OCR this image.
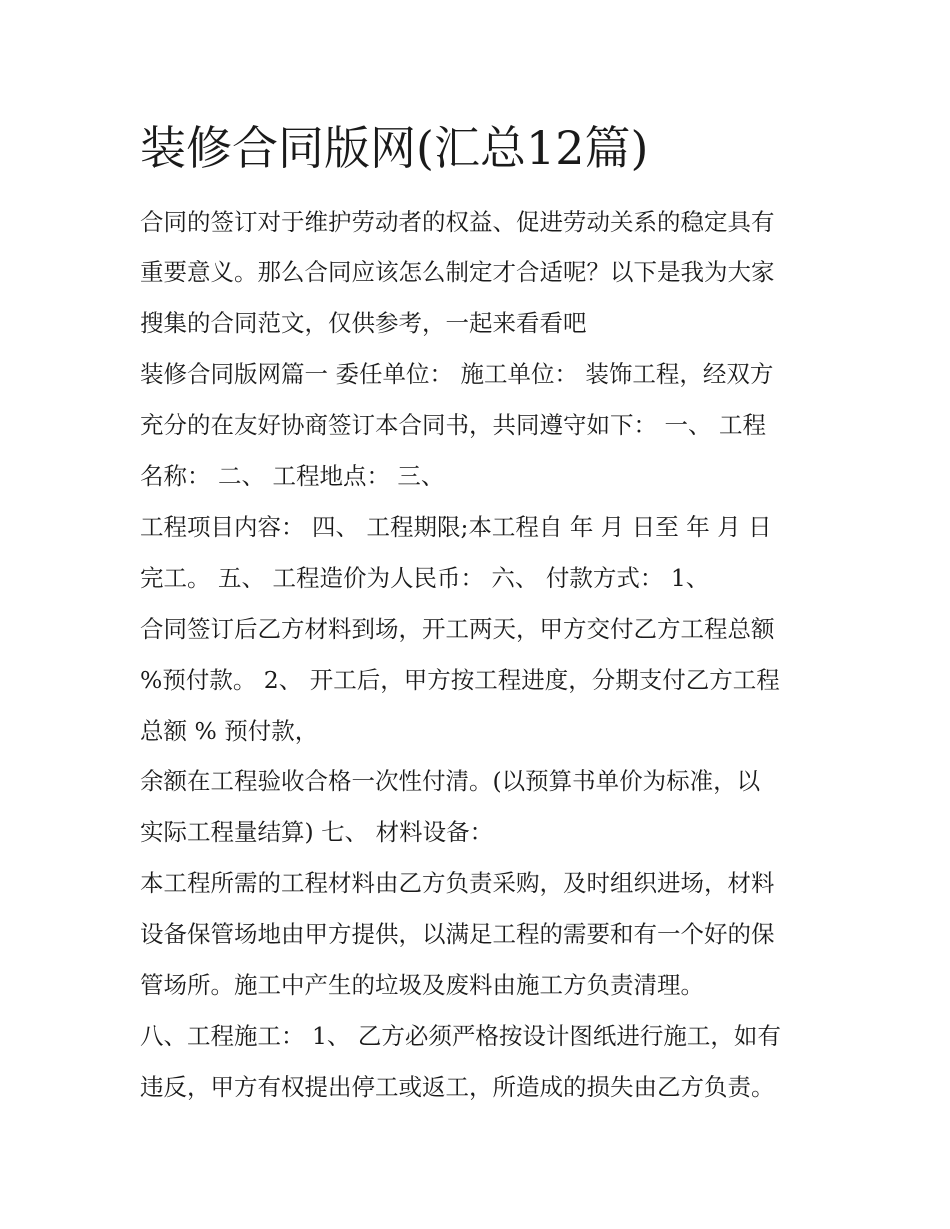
装修合同版网(汇总12篇)

合同的签订对于维护劳动者的权益、促进劳动关系的稳定具有

重要意义。那么合同应该怎么制定才合适呢？以下是我为大家

搜集的合同范文，仅供参考，一起来看看吧

装修合同版网篇一 委任单位： 施工单位： 装饰工程，经双方

充分的在友好协商签订本合同书，共同遵守如下： 一、 工程

名称： 二、 工程地点： 三、

工程项目内容： 四、 工程期限;本工程自 年 月 日至 年 月 日

完工。 五、 工程造价为人民币： 六、 付款方式： 1、

合同签订后乙方材料到场，开工两天，甲方交付乙方工程总额

%预付款。 2、 开工后，甲方按工程进度，分期支付乙方工程

总额 % 预付款，

余额在工程验收合格一次性付清。(以预算书单价为标准，以

实际工程量结算) 七、 材料设备：

本工程所需的工程材料由乙方负责采购，及时组织进场，材料

设备保管场地由甲方提供，以满足工程的需要和有一个好的保

管场所。施工中产生的垃圾及废料由施工方负责清理。

八、工程施工： 1、 乙方必须严格按设计图纸进行施工，如有

违反，甲方有权提出停工或返工，所造成的损失由乙方负责。
